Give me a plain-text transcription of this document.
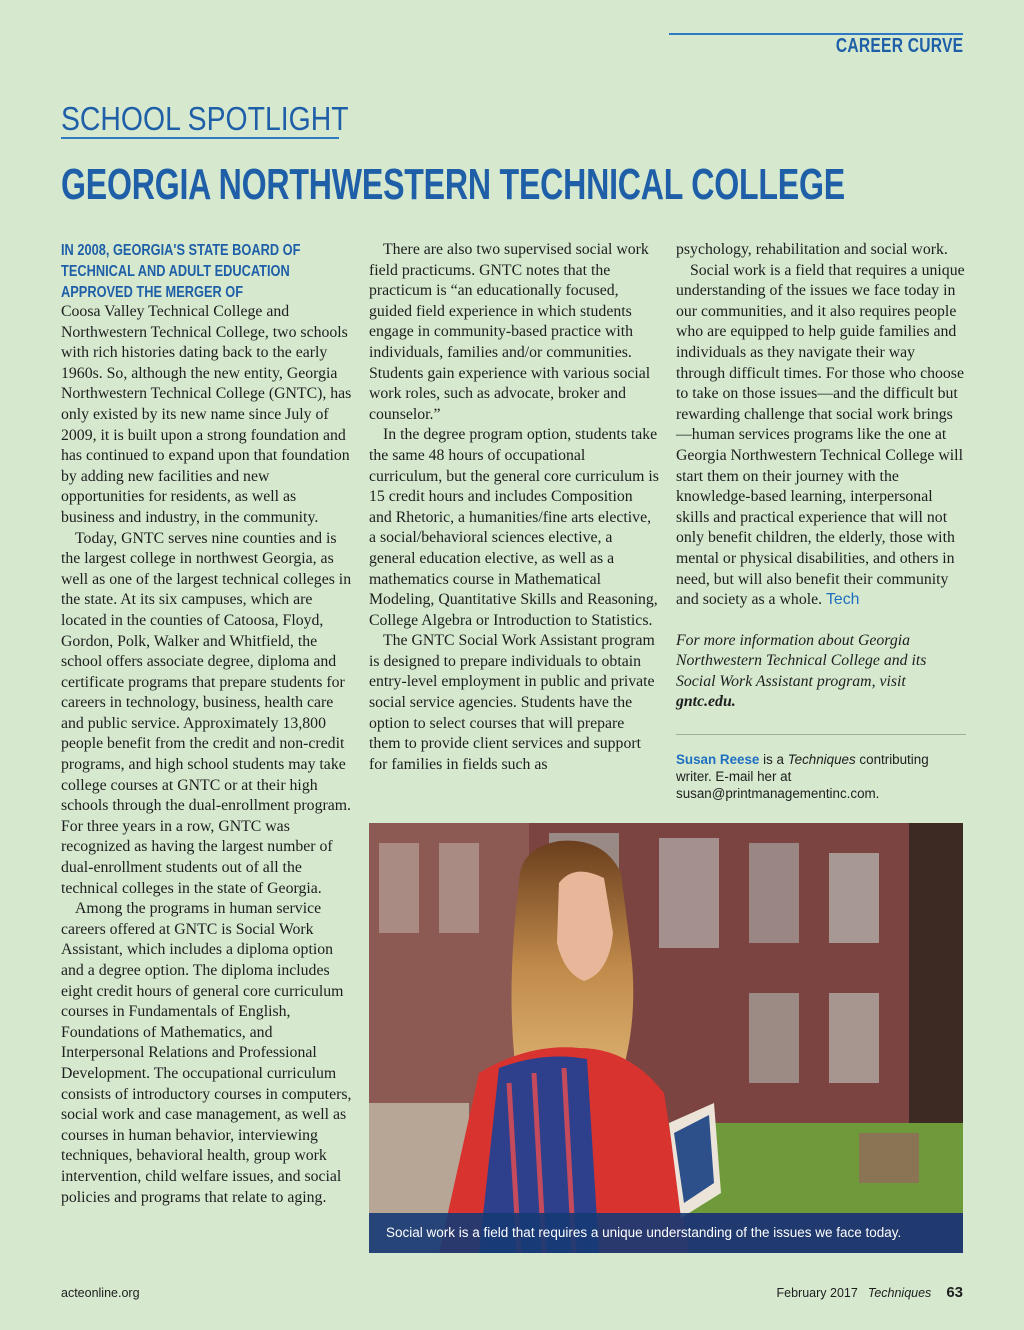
CAREER CURVE
SCHOOL SPOTLIGHT
GEORGIA NORTHWESTERN TECHNICAL COLLEGE
IN 2008, GEORGIA'S STATE BOARD OF TECHNICAL AND ADULT EDUCATION APPROVED THE MERGER OF

Coosa Valley Technical College and Northwestern Technical College, two schools with rich histories dating back to the early 1960s. So, although the new entity, Georgia Northwestern Technical College (GNTC), has only existed by its new name since July of 2009, it is built upon a strong foundation and has continued to expand upon that foundation by adding new facilities and new opportunities for residents, as well as business and industry, in the community.

Today, GNTC serves nine counties and is the largest college in northwest Georgia, as well as one of the largest technical colleges in the state. At its six campuses, which are located in the counties of Catoosa, Floyd, Gordon, Polk, Walker and Whitfield, the school offers associate degree, diploma and certificate programs that prepare students for careers in technology, business, health care and public service. Approximately 13,800 people benefit from the credit and non-credit programs, and high school students may take college courses at GNTC or at their high schools through the dual-enrollment program. For three years in a row, GNTC was recognized as having the largest number of dual-enrollment students out of all the technical colleges in the state of Georgia.

Among the programs in human service careers offered at GNTC is Social Work Assistant, which includes a diploma option and a degree option. The diploma includes eight credit hours of general core curriculum courses in Fundamentals of English, Foundations of Mathematics, and Interpersonal Relations and Professional Development. The occupational curriculum consists of introductory courses in computers, social work and case management, as well as courses in human behavior, interviewing techniques, behavioral health, group work intervention, child welfare issues, and social policies and programs that relate to aging.

There are also two supervised social work field practicums. GNTC notes that the practicum is “an educationally focused, guided field experience in which students engage in community-based practice with individuals, families and/or communities. Students gain experience with various social work roles, such as advocate, broker and counselor.”

In the degree program option, students take the same 48 hours of occupational curriculum, but the general core curriculum is 15 credit hours and includes Composition and Rhetoric, a humanities/fine arts elective, a social/behavioral sciences elective, a general education elective, as well as a mathematics course in Mathematical Modeling, Quantitative Skills and Reasoning, College Algebra or Introduction to Statistics.

The GNTC Social Work Assistant program is designed to prepare individuals to obtain entry-level employment in public and private social service agencies. Students have the option to select courses that will prepare them to provide client services and support for families in fields such as

psychology, rehabilitation and social work.

Social work is a field that requires a unique understanding of the issues we face today in our communities, and it also requires people who are equipped to help guide families and individuals as they navigate their way through difficult times. For those who choose to take on those issues—and the difficult but rewarding challenge that social work brings—human services programs like the one at Georgia Northwestern Technical College will start them on their journey with the knowledge-based learning, interpersonal skills and practical experience that will not only benefit children, the elderly, those with mental or physical disabilities, and others in need, but will also benefit their community and society as a whole. Tech

For more information about Georgia Northwestern Technical College and its Social Work Assistant program, visit gntc.edu.

Susan Reese is a Techniques contributing writer. E-mail her at susan@printmanagementinc.com.
Social work is a field that requires a unique understanding of the issues we face today.
acteonline.org	February 2017 Techniques 63
